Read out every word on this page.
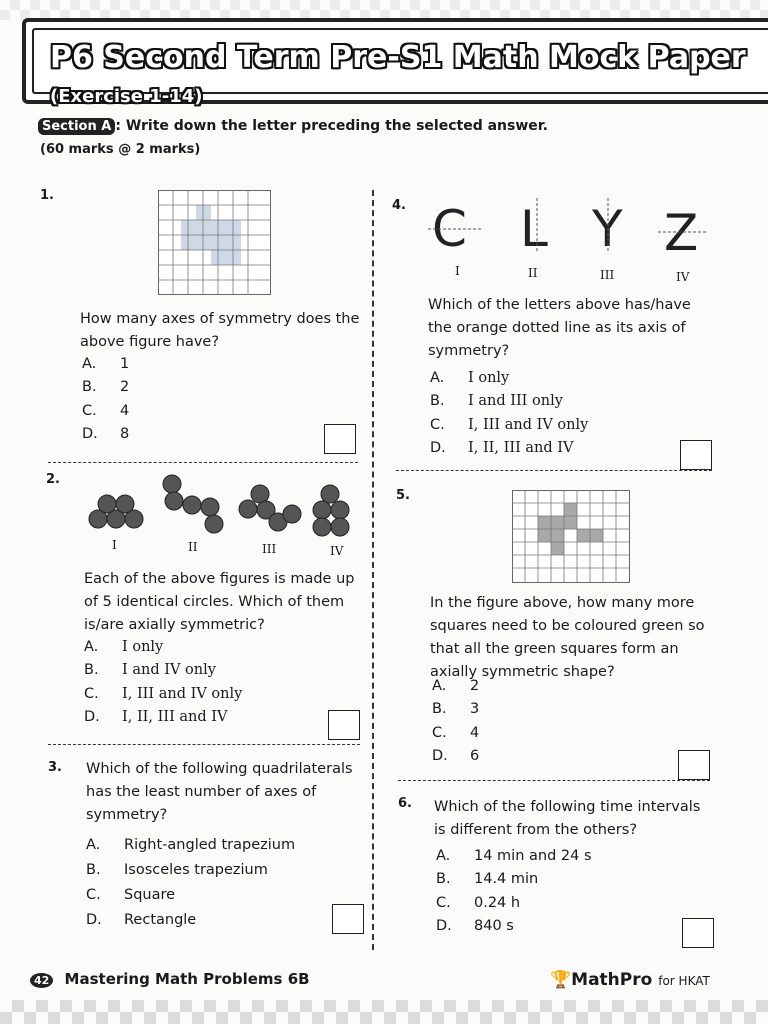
P6 Second Term Pre-S1 Math Mock Paper (Exercise 1-14)
Section A : Write down the letter preceding the selected answer.
(60 marks @ 2 marks)
1.
How many axes of symmetry does the above figure have?
A.	1
B.	2
C.	4
D.	8
2.
I	II	III	IV
Each of the above figures is made up of 5 identical circles. Which of them is/are axially symmetric?
A.	I only
B.	I and IV only
C.	I, III and IV only
D.	I, II, III and IV
3. Which of the following quadrilaterals has the least number of axes of symmetry?
A.	Right-angled trapezium
B.	Isosceles trapezium
C.	Square
D.	Rectangle
4. C L Y Z
I	II	III	IV
Which of the letters above has/have the orange dotted line as its axis of symmetry?
A.	I only
B.	I and III only
C.	I, III and IV only
D.	I, II, III and IV
5.
In the figure above, how many more squares need to be coloured green so that all the green squares form an axially symmetric shape?
A.	2
B.	3
C.	4
D.	6
6. Which of the following time intervals is different from the others?
A.	14 min and 24 s
B.	14.4 min
C.	0.24 h
D.	840 s
42 Mastering Math Problems 6B	🏆MathPro for HKAT
